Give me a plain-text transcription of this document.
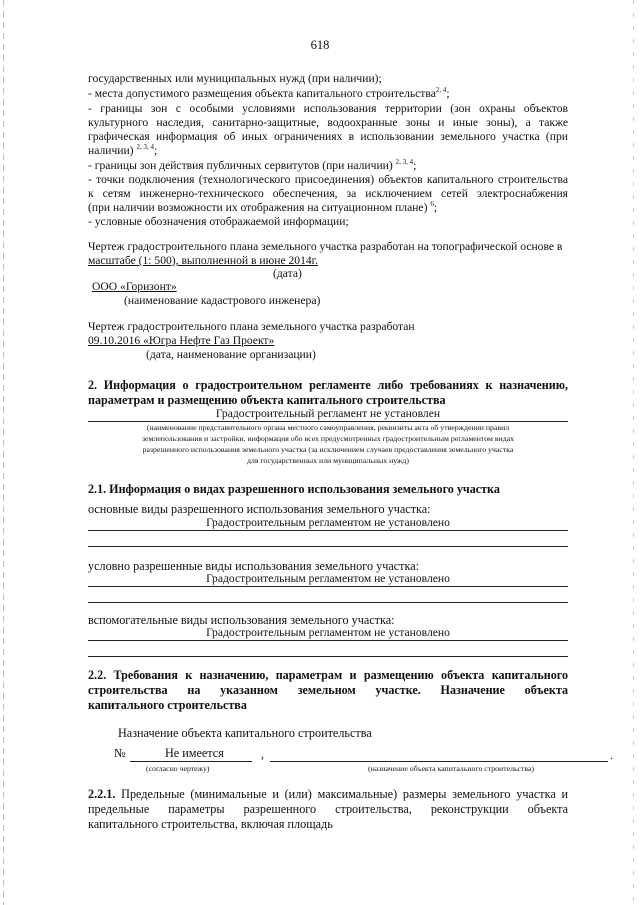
618
государственных или муниципальных нужд (при наличии);
- места допустимого размещения объекта капитального строительства$^{2, 4}$;
- границы зон с особыми условиями использования территории (зон охраны объектов
культурного наследия, санитарно-защитные, водоохранные зоны и иные зоны), а также
графическая информация об иных ограничениях в использовании земельного участка (при
наличии) $^{2, 3, 4}$;
- границы зон действия публичных сервитутов (при наличии) $^{2, 3, 4}$;
- точки подключения (технологического присоединения) объектов капитального строительства
к сетям инженерно-технического обеспечения, за исключением сетей электроснабжения
(при наличии возможности их отображения на ситуационном плане) $^6$;
- условные обозначения отображаемой информации;
Чертеж градостроительного плана земельного участка разработан на топографической основе в
масштабе (1: 500), выполненной в июне 2014г.
(дата)
ООО «Горизонт»
(наименование кадастрового инженера)
Чертеж градостроительного плана земельного участка разработан
09.10.2016 «Югра Нефте Газ Проект»
(дата, наименование организации)
2. Информация о градостроительном регламенте либо требованиях к назначению,
параметрам и размещению объекта капитального строительства
Градостроительный регламент не установлен
(наименование представительного органа местного самоуправления, реквизиты акта об утверждении правил
землепользования и застройки, информация обо всех предусмотренных градостроительным регламентом видах
разрешенного использования земельного участка (за исключением случаев предоставления земельного участка
для государственных или муниципальных нужд)
2.1. Информация о видах разрешенного использования земельного участка
основные виды разрешенного использования земельного участка:
Градостроительным регламентом не установлено
условно разрешенные виды использования земельного участка:
Градостроительным регламентом не установлено
вспомогательные виды использования земельного участка:
Градостроительным регламентом не установлено
2.2. Требования к назначению, параметрам и размещению объекта капитального
строительства на указанном земельном участке. Назначение объекта
капитального строительства
Назначение объекта капитального строительства
№	Не имеется	,	.
(согласно чертежу)	(назначение объекта капитального строительства)
2.2.1. Предельные (минимальные и (или) максимальные) размеры земельного участка и
предельные параметры разрешенного строительства, реконструкции объекта
капитального строительства, включая площадь
